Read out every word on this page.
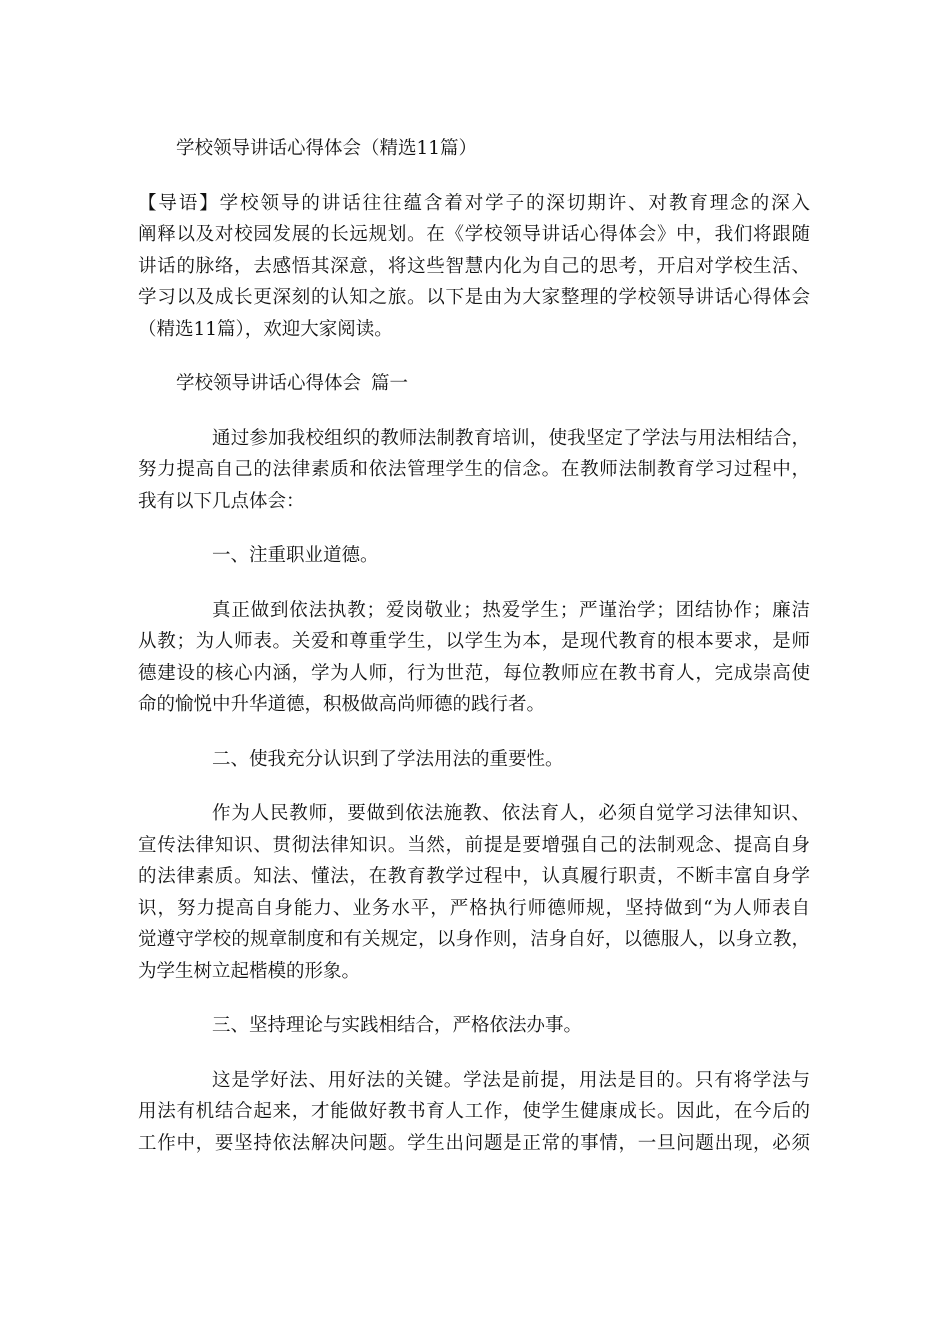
学校领导讲话心得体会（精选11篇）
【导语】学校领导的讲话往往蕴含着对学子的深切期许、对教育理念的深入
阐释以及对校园发展的长远规划。在《学校领导讲话心得体会》中，我们将跟随
讲话的脉络，去感悟其深意，将这些智慧内化为自己的思考，开启对学校生活、
学习以及成长更深刻的认知之旅。以下是由为大家整理的学校领导讲话心得体会
（精选11篇），欢迎大家阅读。
学校领导讲话心得体会 篇一
通过参加我校组织的教师法制教育培训，使我坚定了学法与用法相结合，
努力提高自己的法律素质和依法管理学生的信念。在教师法制教育学习过程中，
我有以下几点体会：
一、注重职业道德。
真正做到依法执教；爱岗敬业；热爱学生；严谨治学；团结协作；廉洁
从教；为人师表。关爱和尊重学生，以学生为本，是现代教育的根本要求，是师
德建设的核心内涵，学为人师，行为世范，每位教师应在教书育人，完成崇高使
命的愉悦中升华道德，积极做高尚师德的践行者。
二、使我充分认识到了学法用法的重要性。
作为人民教师，要做到依法施教、依法育人，必须自觉学习法律知识、
宣传法律知识、贯彻法律知识。当然，前提是要增强自己的法制观念、提高自身
的法律素质。知法、懂法，在教育教学过程中，认真履行职责，不断丰富自身学
识，努力提高自身能力、业务水平，严格执行师德师规，坚持做到“为人师表自
觉遵守学校的规章制度和有关规定，以身作则，洁身自好，以德服人，以身立教，
为学生树立起楷模的形象。
三、坚持理论与实践相结合，严格依法办事。
这是学好法、用好法的关键。学法是前提，用法是目的。只有将学法与
用法有机结合起来，才能做好教书育人工作，使学生健康成长。因此，在今后的
工作中，要坚持依法解决问题。学生出问题是正常的事情，一旦问题出现，必须
